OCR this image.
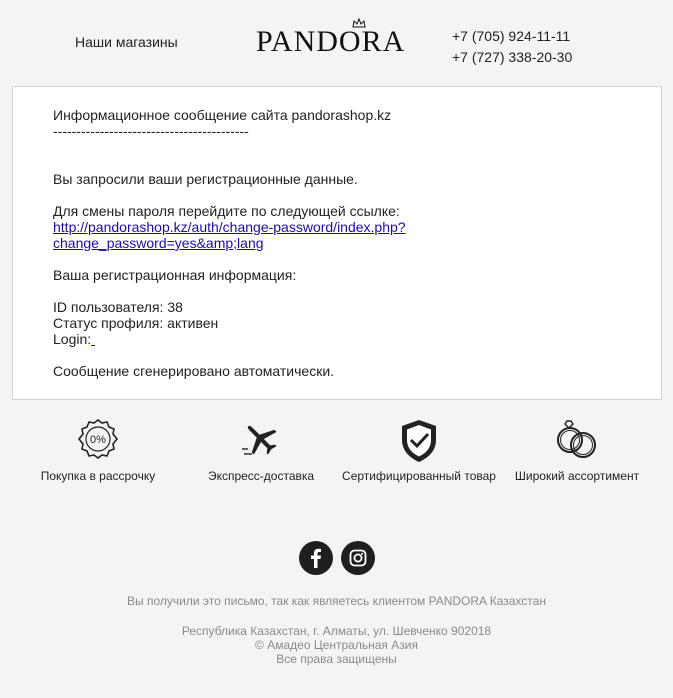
Наши магазины	PANDORA	+7 (705) 924-11-11
+7 (727) 338-20-30

Информационное сообщение сайта pandorashop.kz

------------------------------------------

Вы запросили ваши регистрационные данные.

Для смены пароля перейдите по следующей ссылке:

http://pandorashop.kz/auth/change-password/index.php?

change_password=yes&amp;lang

Ваша регистрационная информация:

ID пользователя: 38

Статус профиля: активен

Login:

Сообщение сгенерировано автоматически.

0%
Покупка в рассрочку	Экспресс-доставка	Сертифицированный товар	Широкий ассортимент
Вы получили это письмо, так как являетесь клиентом PANDORA Казахстан
Республика Казахстан, г. Алматы, ул. Шевченко 902018
© Амадео Центральная Азия
Все права защищены
